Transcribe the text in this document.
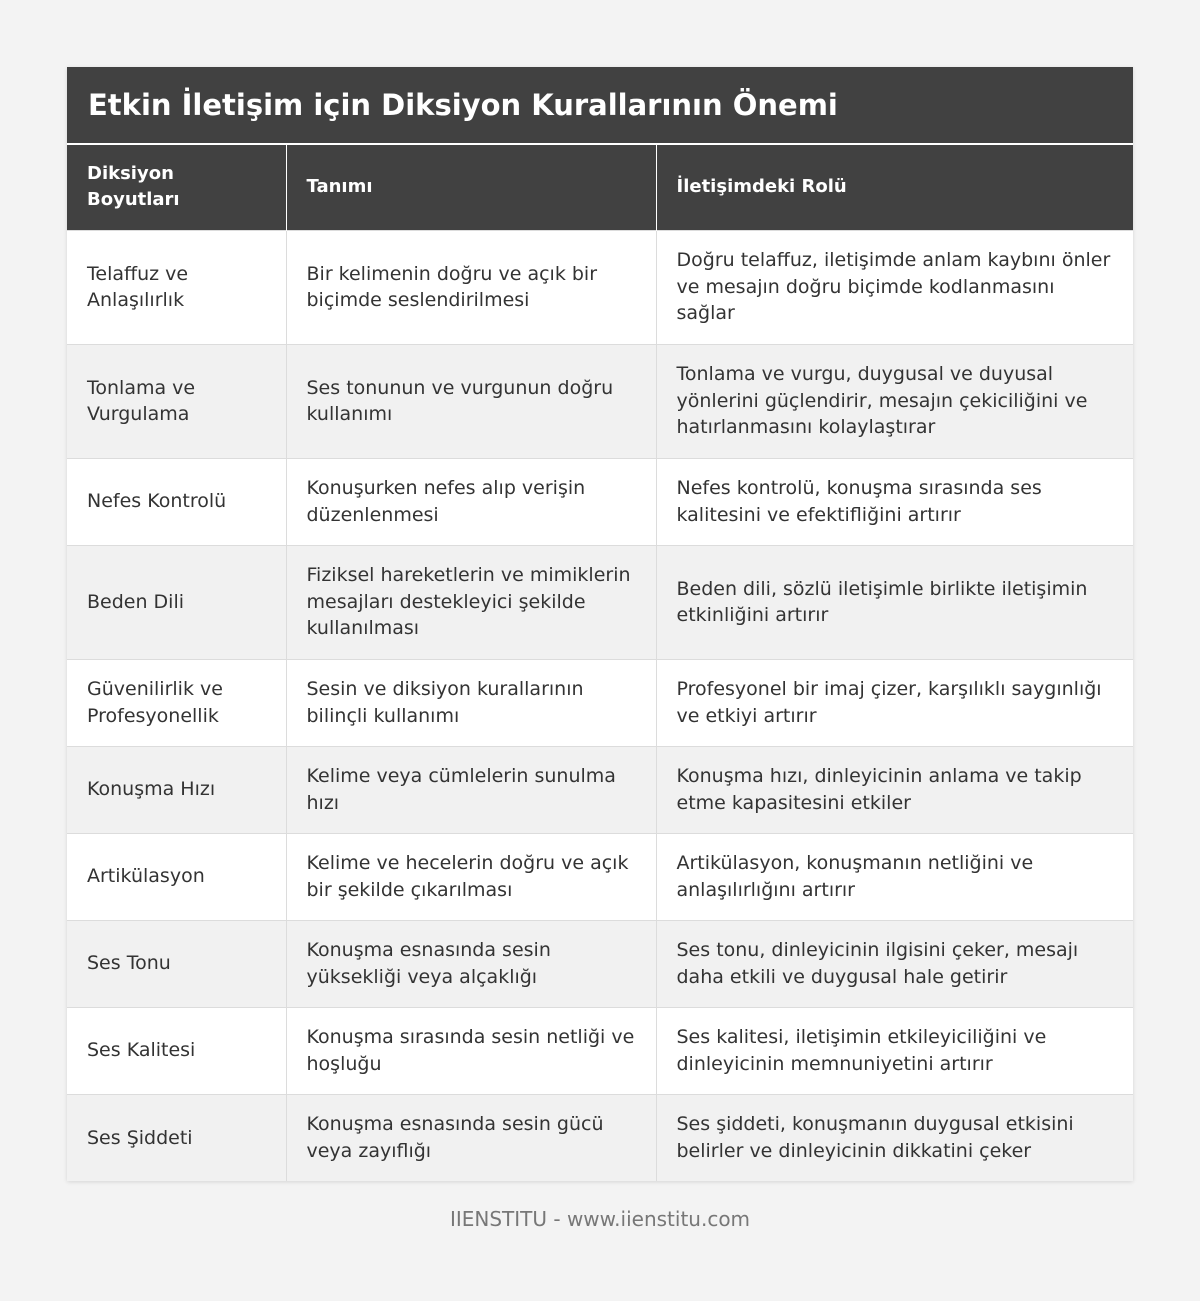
Etkin İletişim için Diksiyon Kurallarının Önemi
Diksiyon Boyutları	Tanımı	İletişimdeki Rolü
Telaffuz ve Anlaşılırlık	Bir kelimenin doğru ve açık bir biçimde seslendirilmesi	Doğru telaffuz, iletişimde anlam kaybını önler ve mesajın doğru biçimde kodlanmasını sağlar
Tonlama ve Vurgulama	Ses tonunun ve vurgunun doğru kullanımı	Tonlama ve vurgu, duygusal ve duyusal yönlerini güçlendirir, mesajın çekiciliğini ve hatırlanmasını kolaylaştırar
Nefes Kontrolü	Konuşurken nefes alıp verişin düzenlenmesi	Nefes kontrolü, konuşma sırasında ses kalitesini ve efektifliğini artırır
Beden Dili	Fiziksel hareketlerin ve mimiklerin mesajları destekleyici şekilde kullanılması	Beden dili, sözlü iletişimle birlikte iletişimin etkinliğini artırır
Güvenilirlik ve Profesyonellik	Sesin ve diksiyon kurallarının bilinçli kullanımı	Profesyonel bir imaj çizer, karşılıklı saygınlığı ve etkiyi artırır
Konuşma Hızı	Kelime veya cümlelerin sunulma hızı	Konuşma hızı, dinleyicinin anlama ve takip etme kapasitesini etkiler
Artikülasyon	Kelime ve hecelerin doğru ve açık bir şekilde çıkarılması	Artikülasyon, konuşmanın netliğini ve anlaşılırlığını artırır
Ses Tonu	Konuşma esnasında sesin yüksekliği veya alçaklığı	Ses tonu, dinleyicinin ilgisini çeker, mesajı daha etkili ve duygusal hale getirir
Ses Kalitesi	Konuşma sırasında sesin netliği ve hoşluğu	Ses kalitesi, iletişimin etkileyiciliğini ve dinleyicinin memnuniyetini artırır
Ses Şiddeti	Konuşma esnasında sesin gücü veya zayıflığı	Ses şiddeti, konuşmanın duygusal etkisini belirler ve dinleyicinin dikkatini çeker
IIENSTITU - www.iienstitu.com
